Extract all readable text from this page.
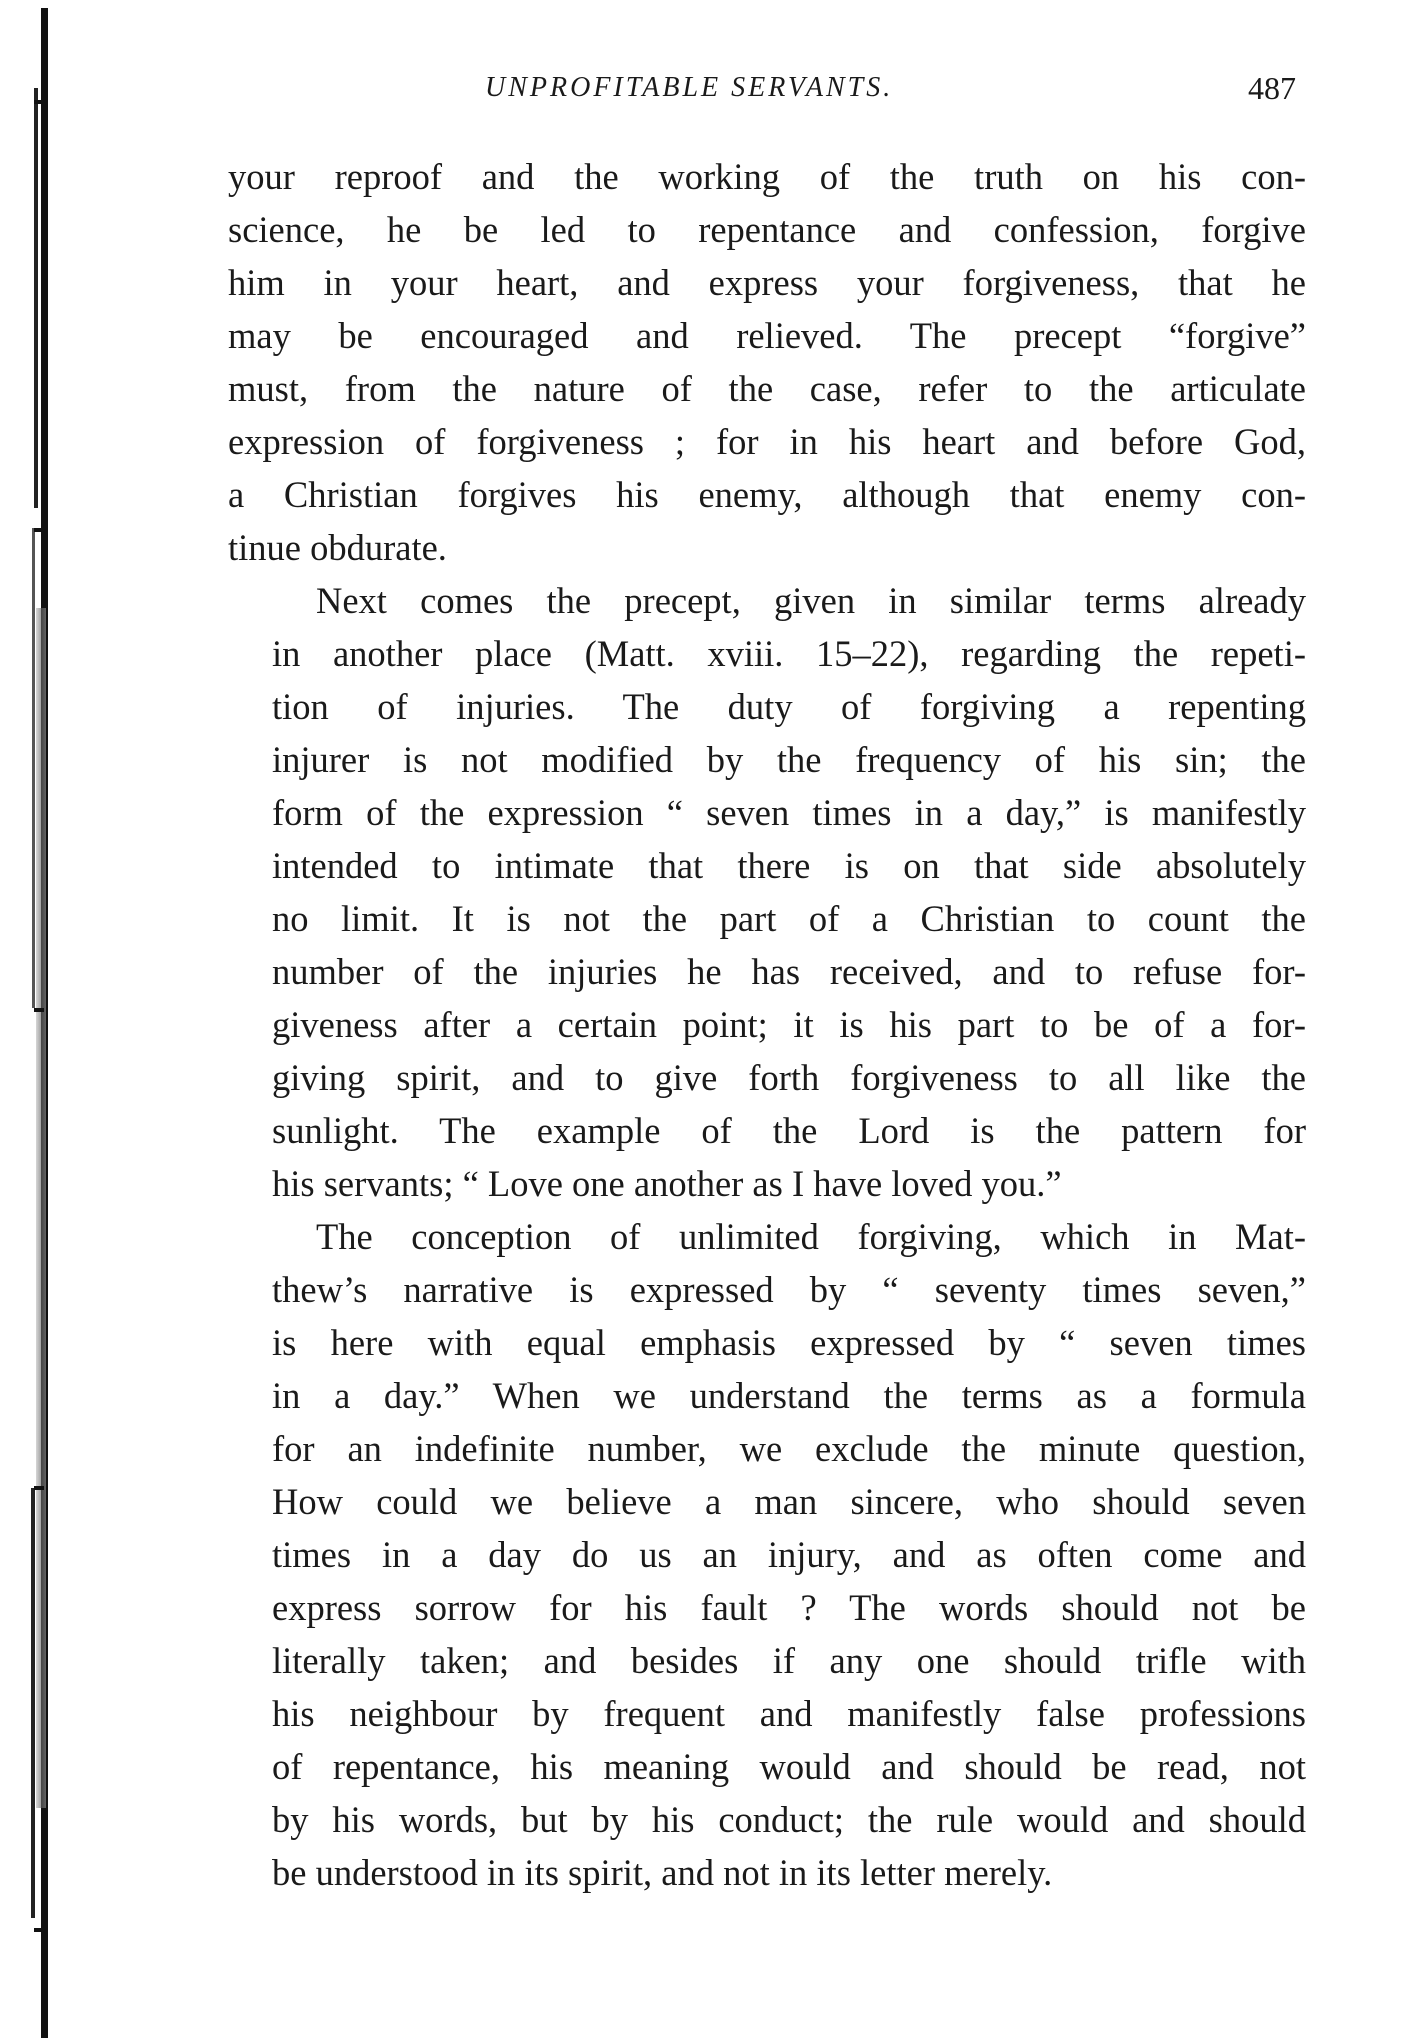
UNPROFITABLE SERVANTS.	487

your reproof and the working of the truth on his con-
science, he be led to repentance and confession, forgive
him in your heart, and express your forgiveness, that he
may be encouraged and relieved. The precept “forgive”
must, from the nature of the case, refer to the articulate
expression of forgiveness ; for in his heart and before God,
a Christian forgives his enemy, although that enemy con-
tinue obdurate.

Next comes the precept, given in similar terms already
in another place (Matt. xviii. 15–22), regarding the repeti-
tion of injuries. The duty of forgiving a repenting
injurer is not modified by the frequency of his sin; the
form of the expression “ seven times in a day,” is manifestly
intended to intimate that there is on that side absolutely
no limit. It is not the part of a Christian to count the
number of the injuries he has received, and to refuse for-
giveness after a certain point; it is his part to be of a for-
giving spirit, and to give forth forgiveness to all like the
sunlight. The example of the Lord is the pattern for
his servants; “ Love one another as I have loved you.”

The conception of unlimited forgiving, which in Mat-
thew’s narrative is expressed by “ seventy times seven,”
is here with equal emphasis expressed by “ seven times
in a day.” When we understand the terms as a formula
for an indefinite number, we exclude the minute question,
How could we believe a man sincere, who should seven
times in a day do us an injury, and as often come and
express sorrow for his fault ? The words should not be
literally taken; and besides if any one should trifle with
his neighbour by frequent and manifestly false professions
of repentance, his meaning would and should be read, not
by his words, but by his conduct; the rule would and should
be understood in its spirit, and not in its letter merely.
